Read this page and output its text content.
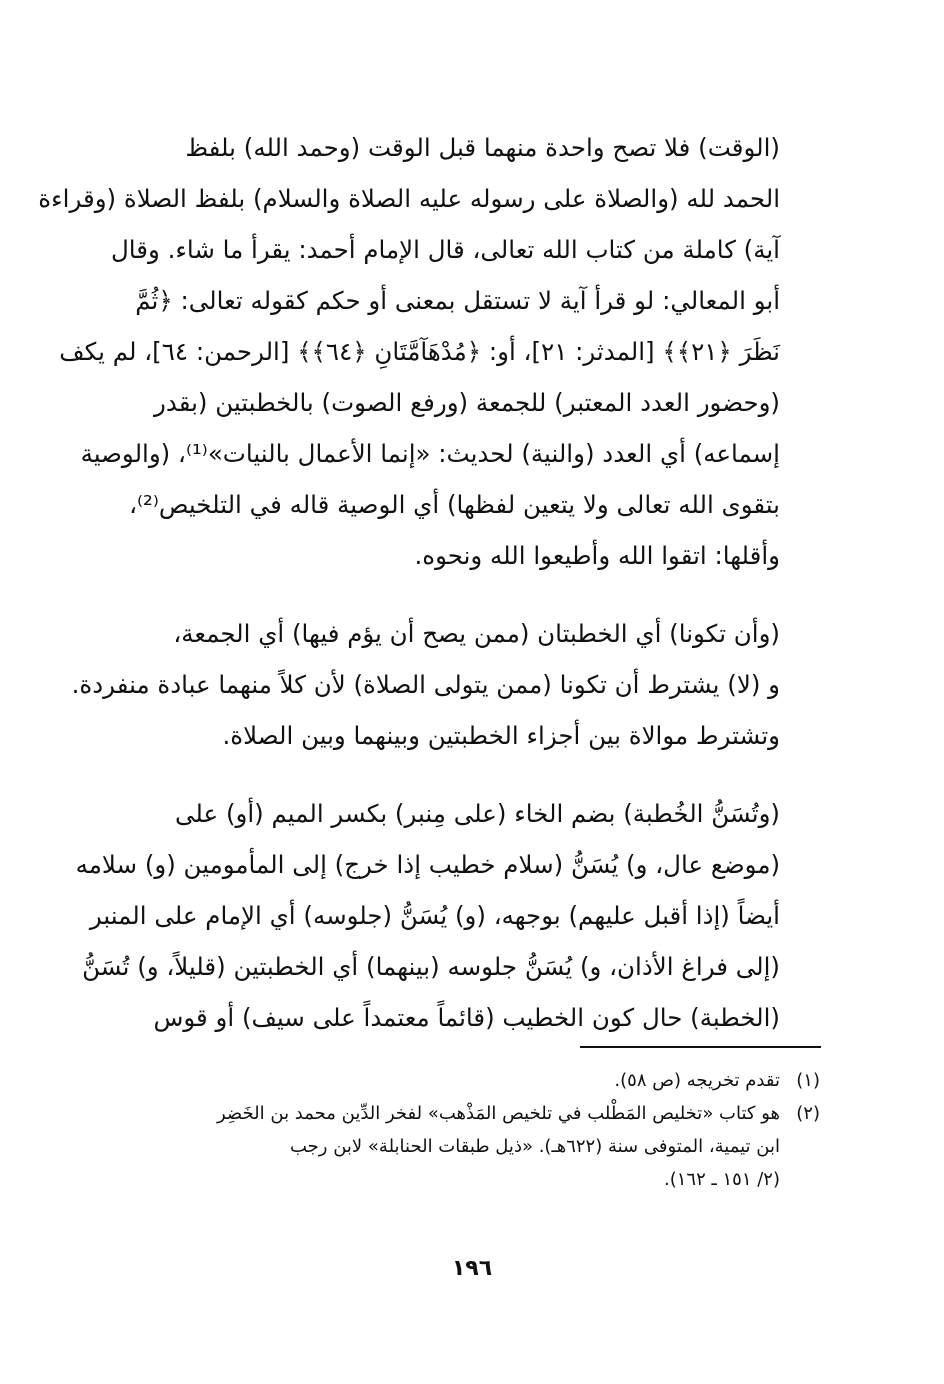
(الوقت) فلا تصح واحدة منهما قبل الوقت (وحمد الله) بلفظ
الحمد لله (والصلاة على رسوله عليه الصلاة والسلام) بلفظ الصلاة (وقراءة
آية) كاملة من كتاب الله تعالى، قال الإمام أحمد: يقرأ ما شاء. وقال
أبو المعالي: لو قرأ آية لا تستقل بمعنى أو حكم كقوله تعالى: ﴿ثُمَّ
نَظَرَ ﴿٢١﴾﴾ [المدثر: ٢١]، أو: ﴿مُدْهَآمَّتَانِ ﴿٦٤﴾﴾ [الرحمن: ٦٤]، لم يكف
(وحضور العدد المعتبر) للجمعة (ورفع الصوت) بالخطبتين (بقدر
إسماعه) أي العدد (والنية) لحديث: «إنما الأعمال بالنيات»⁽¹⁾، (والوصية
بتقوى الله تعالى ولا يتعين لفظها) أي الوصية قاله في التلخيص⁽²⁾،
وأقلها: اتقوا الله وأطيعوا الله ونحوه.

(وأن تكونا) أي الخطبتان (ممن يصح أن يؤم فيها) أي الجمعة،
و (لا) يشترط أن تكونا (ممن يتولى الصلاة) لأن كلاً منهما عبادة منفردة.
وتشترط موالاة بين أجزاء الخطبتين وبينهما وبين الصلاة.

(وتُسَنُّ الخُطبة) بضم الخاء (على مِنبر) بكسر الميم (أو) على
(موضع عال، و) يُسَنُّ (سلام خطيب إذا خرج) إلى المأمومين (و) سلامه
أيضاً (إذا أقبل عليهم) بوجهه، (و) يُسَنُّ (جلوسه) أي الإمام على المنبر
(إلى فراغ الأذان، و) يُسَنُّ جلوسه (بينهما) أي الخطبتين (قليلاً، و) تُسَنُّ
(الخطبة) حال كون الخطيب (قائماً معتمداً على سيف) أو قوس

(١)
تقدم تخريجه (ص ٥٨).
(٢)
هو كتاب «تخليص المَطْلب في تلخيص المَذْهب» لفخر الدِّين محمد بن الخَضِر
ابن تيمية، المتوفى سنة (٦٢٢هـ). «ذيل طبقات الحنابلة» لابن رجب
(٢/ ١٥١ ـ ١٦٢).
١٩٦
